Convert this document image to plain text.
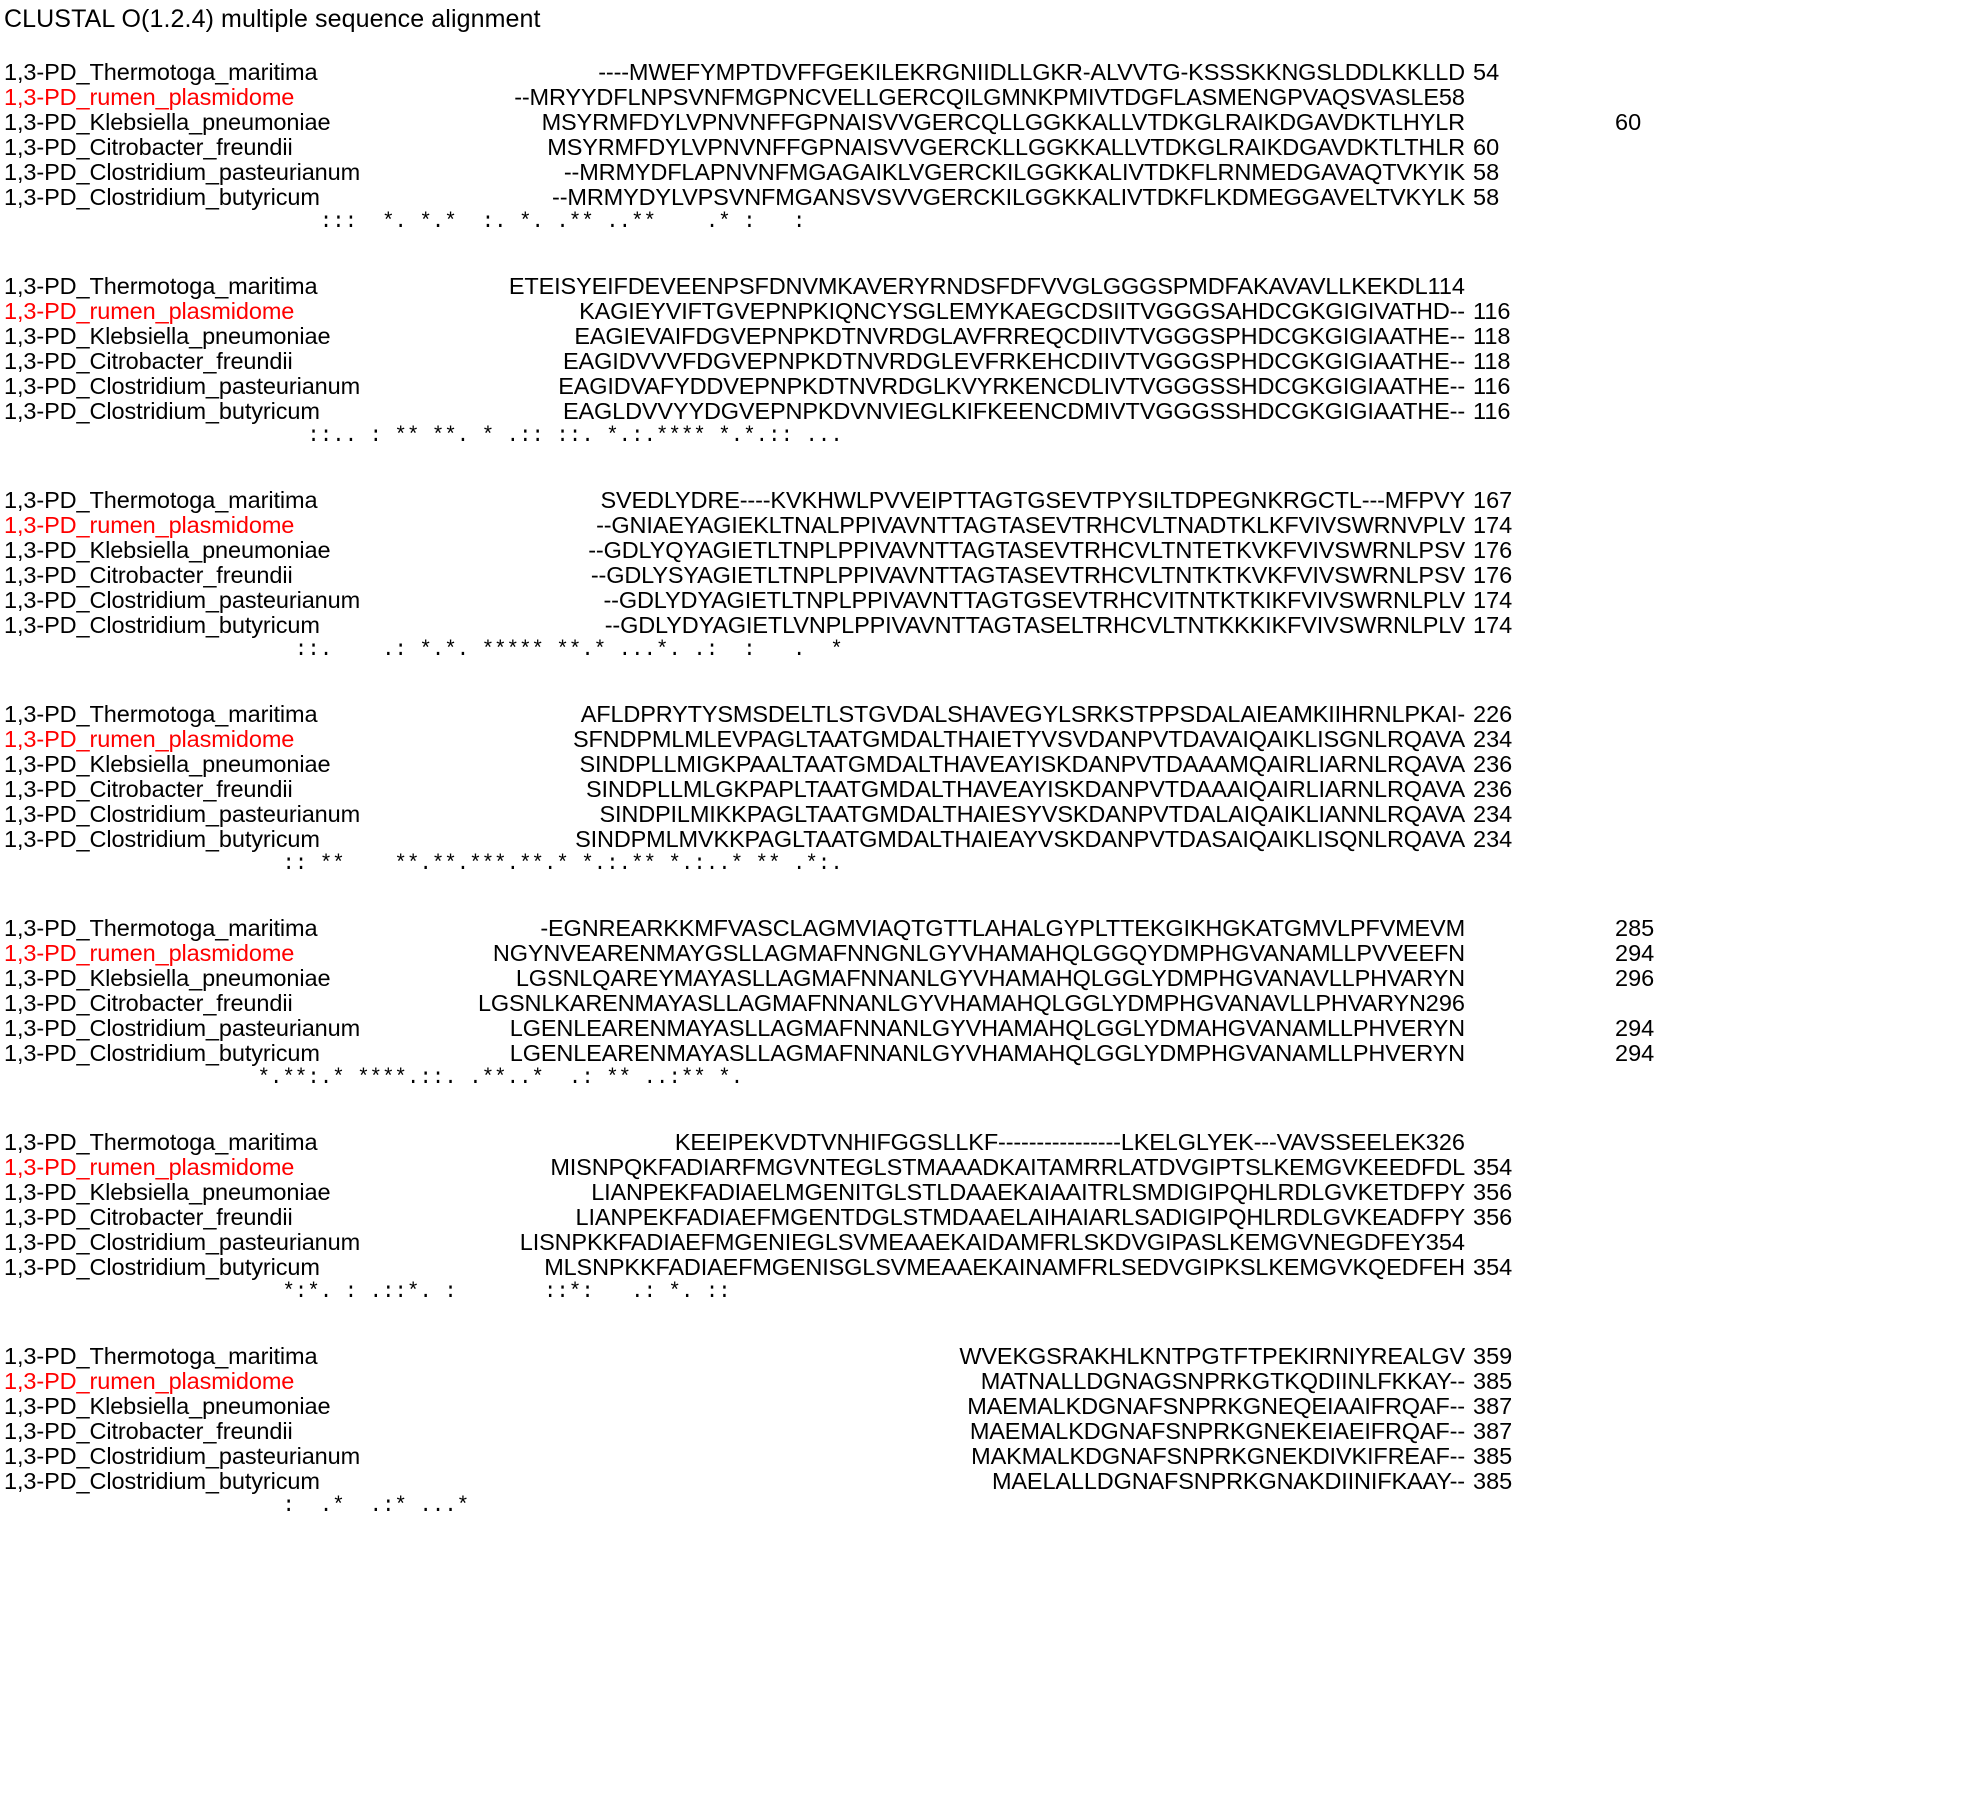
CLUSTAL O(1.2.4) multiple sequence alignment
1,3-PD_Thermotoga_maritima	----MWEFYMPTDVFFGEKILEKRGNIIDLLGKR-ALVVTG-KSSSKKNGSLDDLKKLLD 54
1,3-PD_rumen_plasmidome	--MRYYDFLNPSVNFMGPNCVELLGERCQILGMNKPMIVTDGFLASMENGPVAQSVASLE 58
1,3-PD_Klebsiella_pneumoniae	MSYRMFDYLVPNVNFFGPNAISVVGERCQLLGGKKALLVTDKGLRAIKDGAVDKTLHYLR	60
1,3-PD_Citrobacter_freundii	MSYRMFDYLVPNVNFFGPNAISVVGERCKLLGGKKALLVTDKGLRAIKDGAVDKTLTHLR 60
1,3-PD_Clostridium_pasteurianum	--MRMYDFLAPNVNFMGAGAIKLVGERCKILGGKKALIVTDKFLRNMEDGAVAQTVKYIK 58
1,3-PD_Clostridium_butyricum	--MRMYDYLVPSVNFMGANSVSVVGERCKILGGKKALIVTDKFLKDMEGGAVELTVKYLK 58
:::  *. *.*  :. *. .** ..**    .* :   :
1,3-PD_Thermotoga_maritima	ETEISYEIFDEVEENPSFDNVMKAVERYRNDSFDFVVGLGGGSPMDFAKAVAVLLKEKDL 114
1,3-PD_rumen_plasmidome	KAGIEYVIFTGVEPNPKIQNCYSGLEMYKAEGCDSIITVGGGSAHDCGKGIGIVATHD-- 116
1,3-PD_Klebsiella_pneumoniae	EAGIEVAIFDGVEPNPKDTNVRDGLAVFRREQCDIIVTVGGGSPHDCGKGIGIAATHE-- 118
1,3-PD_Citrobacter_freundii	EAGIDVVVFDGVEPNPKDTNVRDGLEVFRKEHCDIIVTVGGGSPHDCGKGIGIAATHE-- 118
1,3-PD_Clostridium_pasteurianum	EAGIDVAFYDDVEPNPKDTNVRDGLKVYRKENCDLIVTVGGGSSHDCGKGIGIAATHE-- 116
1,3-PD_Clostridium_butyricum	EAGLDVVYYDGVEPNPKDVNVIEGLKIFKEENCDMIVTVGGGSSHDCGKGIGIAATHE-- 116
::.. : ** **. * .:: ::. *.:.**** *.*.:: ...
1,3-PD_Thermotoga_maritima	SVEDLYDRE----KVKHWLPVVEIPTTAGTGSEVTPYSILTDPEGNKRGCTL---MFPVY 167
1,3-PD_rumen_plasmidome	--GNIAEYAGIEKLTNALPPIVAVNTTAGTASEVTRHCVLTNADTKLKFVIVSWRNVPLV 174
1,3-PD_Klebsiella_pneumoniae	--GDLYQYAGIETLTNPLPPIVAVNTTAGTASEVTRHCVLTNTETKVKFVIVSWRNLPSV 176
1,3-PD_Citrobacter_freundii	--GDLYSYAGIETLTNPLPPIVAVNTTAGTASEVTRHCVLTNTKTKVKFVIVSWRNLPSV 176
1,3-PD_Clostridium_pasteurianum	--GDLYDYAGIETLTNPLPPIVAVNTTAGTGSEVTRHCVITNTKTKIKFVIVSWRNLPLV 174
1,3-PD_Clostridium_butyricum	--GDLYDYAGIETLVNPLPPIVAVNTTAGTASELTRHCVLTNTKKKIKFVIVSWRNLPLV 174
::.    .: *.*. ***** **.* ...*. .:  :   .  *
1,3-PD_Thermotoga_maritima	AFLDPRYTYSMSDELTLSTGVDALSHAVEGYLSRKSTPPSDALAIEAMKIIHRNLPKAI- 226
1,3-PD_rumen_plasmidome	SFNDPMLMLEVPAGLTAATGMDALTHAIETYVSVDANPVTDAVAIQAIKLISGNLRQAVA 234
1,3-PD_Klebsiella_pneumoniae	SINDPLLMIGKPAALTAATGMDALTHAVEAYISKDANPVTDAAAMQAIRLIARNLRQAVA 236
1,3-PD_Citrobacter_freundii	SINDPLLMLGKPAPLTAATGMDALTHAVEAYISKDANPVTDAAAIQAIRLIARNLRQAVA 236
1,3-PD_Clostridium_pasteurianum	SINDPILMIKKPAGLTAATGMDALTHAIESYVSKDANPVTDALAIQAIKLIANNLRQAVA 234
1,3-PD_Clostridium_butyricum	SINDPMLMVKKPAGLTAATGMDALTHAIEAYVSKDANPVTDASAIQAIKLISQNLRQAVA 234
:: **    **.**.***.**.* *.:.** *.:..* ** .*:.
1,3-PD_Thermotoga_maritima	-EGNREARKKMFVASCLAGMVIAQTGTTLAHALGYPLTTEKGIKHGKATGMVLPFVMEVM	285
1,3-PD_rumen_plasmidome	NGYNVEARENMAYGSLLAGMAFNNGNLGYVHAMAHQLGGQYDMPHGVANAMLLPVVEEFN	294
1,3-PD_Klebsiella_pneumoniae	LGSNLQAREYMAYASLLAGMAFNNANLGYVHAMAHQLGGLYDMPHGVANAVLLPHVARYN	296
1,3-PD_Citrobacter_freundii	LGSNLKARENMAYASLLAGMAFNNANLGYVHAMAHQLGGLYDMPHGVANAVLLPHVARYN 296
1,3-PD_Clostridium_pasteurianum	LGENLEARENMAYASLLAGMAFNNANLGYVHAMAHQLGGLYDMAHGVANAMLLPHVERYN	294
1,3-PD_Clostridium_butyricum	LGENLEARENMAYASLLAGMAFNNANLGYVHAMAHQLGGLYDMPHGVANAMLLPHVERYN	294
*.**:.* ****.::. .**..*  .: ** ..:** *.
1,3-PD_Thermotoga_maritima	KEEIPEKVDTVNHIFGGSLLKF----------------LKELGLYEK---VAVSSEELEK 326
1,3-PD_rumen_plasmidome	MISNPQKFADIARFMGVNTEGLSTMAAADKAITAMRRLATDVGIPTSLKEMGVKEEDFDL 354
1,3-PD_Klebsiella_pneumoniae	LIANPEKFADIAELMGENITGLSTLDAAEKAIAAITRLSMDIGIPQHLRDLGVKETDFPY 356
1,3-PD_Citrobacter_freundii	LIANPEKFADIAEFMGENTDGLSTMDAAELAIHAIARLSADIGIPQHLRDLGVKEADFPY 356
1,3-PD_Clostridium_pasteurianum	LISNPKKFADIAEFMGENIEGLSVMEAAEKAIDAMFRLSKDVGIPASLKEMGVNEGDFEY 354
1,3-PD_Clostridium_butyricum	MLSNPKKFADIAEFMGENISGLSVMEAAEKAINAMFRLSEDVGIPKSLKEMGVKQEDFEH 354
*:*. : .::*. :       ::*:   .: *. ::
1,3-PD_Thermotoga_maritima	WVEKGSRAKHLKNTPGTFTPEKIRNIYREALGV 359
1,3-PD_rumen_plasmidome	MATNALLDGNAGSNPRKGTKQDIINLFKKAY-- 385
1,3-PD_Klebsiella_pneumoniae	MAEMALKDGNAFSNPRKGNEQEIAAIFRQAF-- 387
1,3-PD_Citrobacter_freundii	MAEMALKDGNAFSNPRKGNEKEIAEIFRQAF-- 387
1,3-PD_Clostridium_pasteurianum	MAKMALKDGNAFSNPRKGNEKDIVKIFREAF-- 385
1,3-PD_Clostridium_butyricum	MAELALLDGNAFSNPRKGNAKDIINIFKAAY-- 385
:  .*  .:* ...*
